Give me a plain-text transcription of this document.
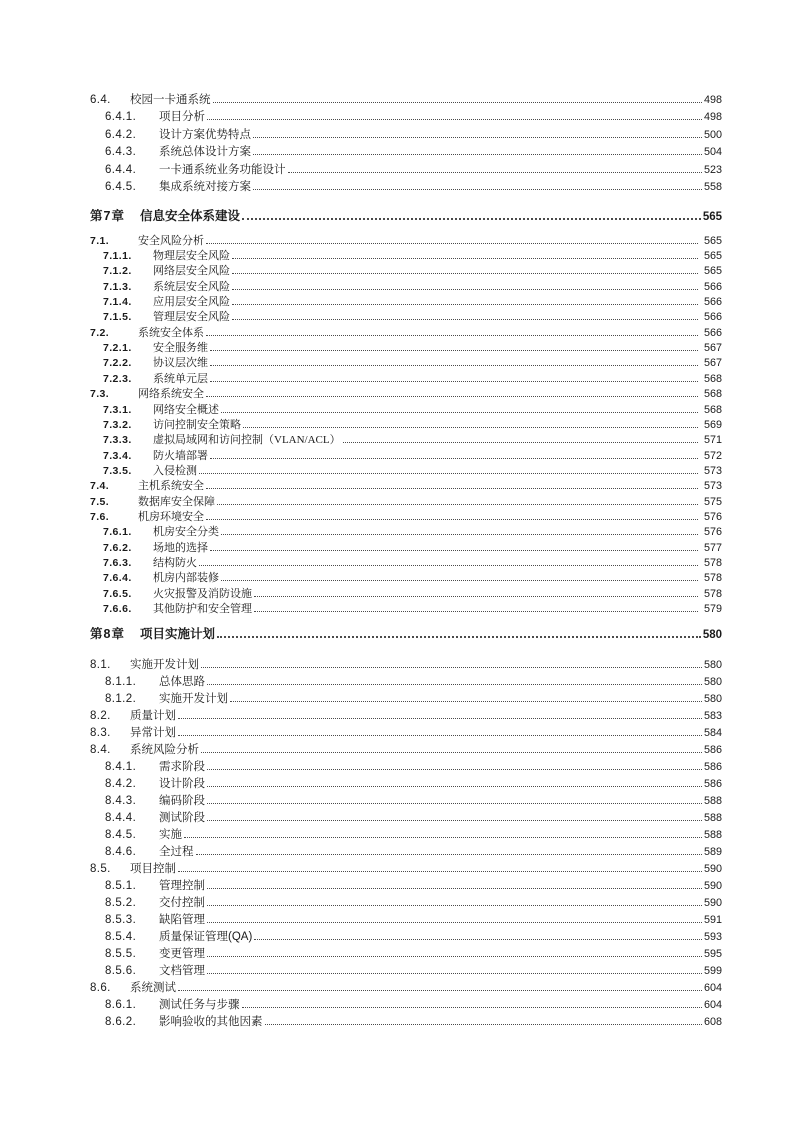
6.4.	校园一卡通系统	498
6.4.1.	项目分析	498
6.4.2.	设计方案优势特点	500
6.4.3.	系统总体设计方案	504
6.4.4.	一卡通系统业务功能设计	523
6.4.5.	集成系统对接方案	558
第7章	信息安全体系建设	565
7.1.	安全风险分析	565
7.1.1.	物理层安全风险	565
7.1.2.	网络层安全风险	565
7.1.3.	系统层安全风险	566
7.1.4.	应用层安全风险	566
7.1.5.	管理层安全风险	566
7.2.	系统安全体系	566
7.2.1.	安全服务维	567
7.2.2.	协议层次维	567
7.2.3.	系统单元层	568
7.3.	网络系统安全	568
7.3.1.	网络安全概述	568
7.3.2.	访问控制安全策略	569
7.3.3.	虚拟局域网和访问控制（VLAN/ACL）	571
7.3.4.	防火墙部署	572
7.3.5.	入侵检测	573
7.4.	主机系统安全	573
7.5.	数据库安全保障	575
7.6.	机房环境安全	576
7.6.1.	机房安全分类	576
7.6.2.	场地的选择	577
7.6.3.	结构防火	578
7.6.4.	机房内部装修	578
7.6.5.	火灾报警及消防设施	578
7.6.6.	其他防护和安全管理	579
第8章	项目实施计划	580
8.1.	实施开发计划	580
8.1.1.	总体思路	580
8.1.2.	实施开发计划	580
8.2.	质量计划	583
8.3.	异常计划	584
8.4.	系统风险分析	586
8.4.1.	需求阶段	586
8.4.2.	设计阶段	586
8.4.3.	编码阶段	588
8.4.4.	测试阶段	588
8.4.5.	实施	588
8.4.6.	全过程	589
8.5.	项目控制	590
8.5.1.	管理控制	590
8.5.2.	交付控制	590
8.5.3.	缺陷管理	591
8.5.4.	质量保证管理(QA)	593
8.5.5.	变更管理	595
8.5.6.	文档管理	599
8.6.	系统测试	604
8.6.1.	测试任务与步骤	604
8.6.2.	影响验收的其他因素	608
